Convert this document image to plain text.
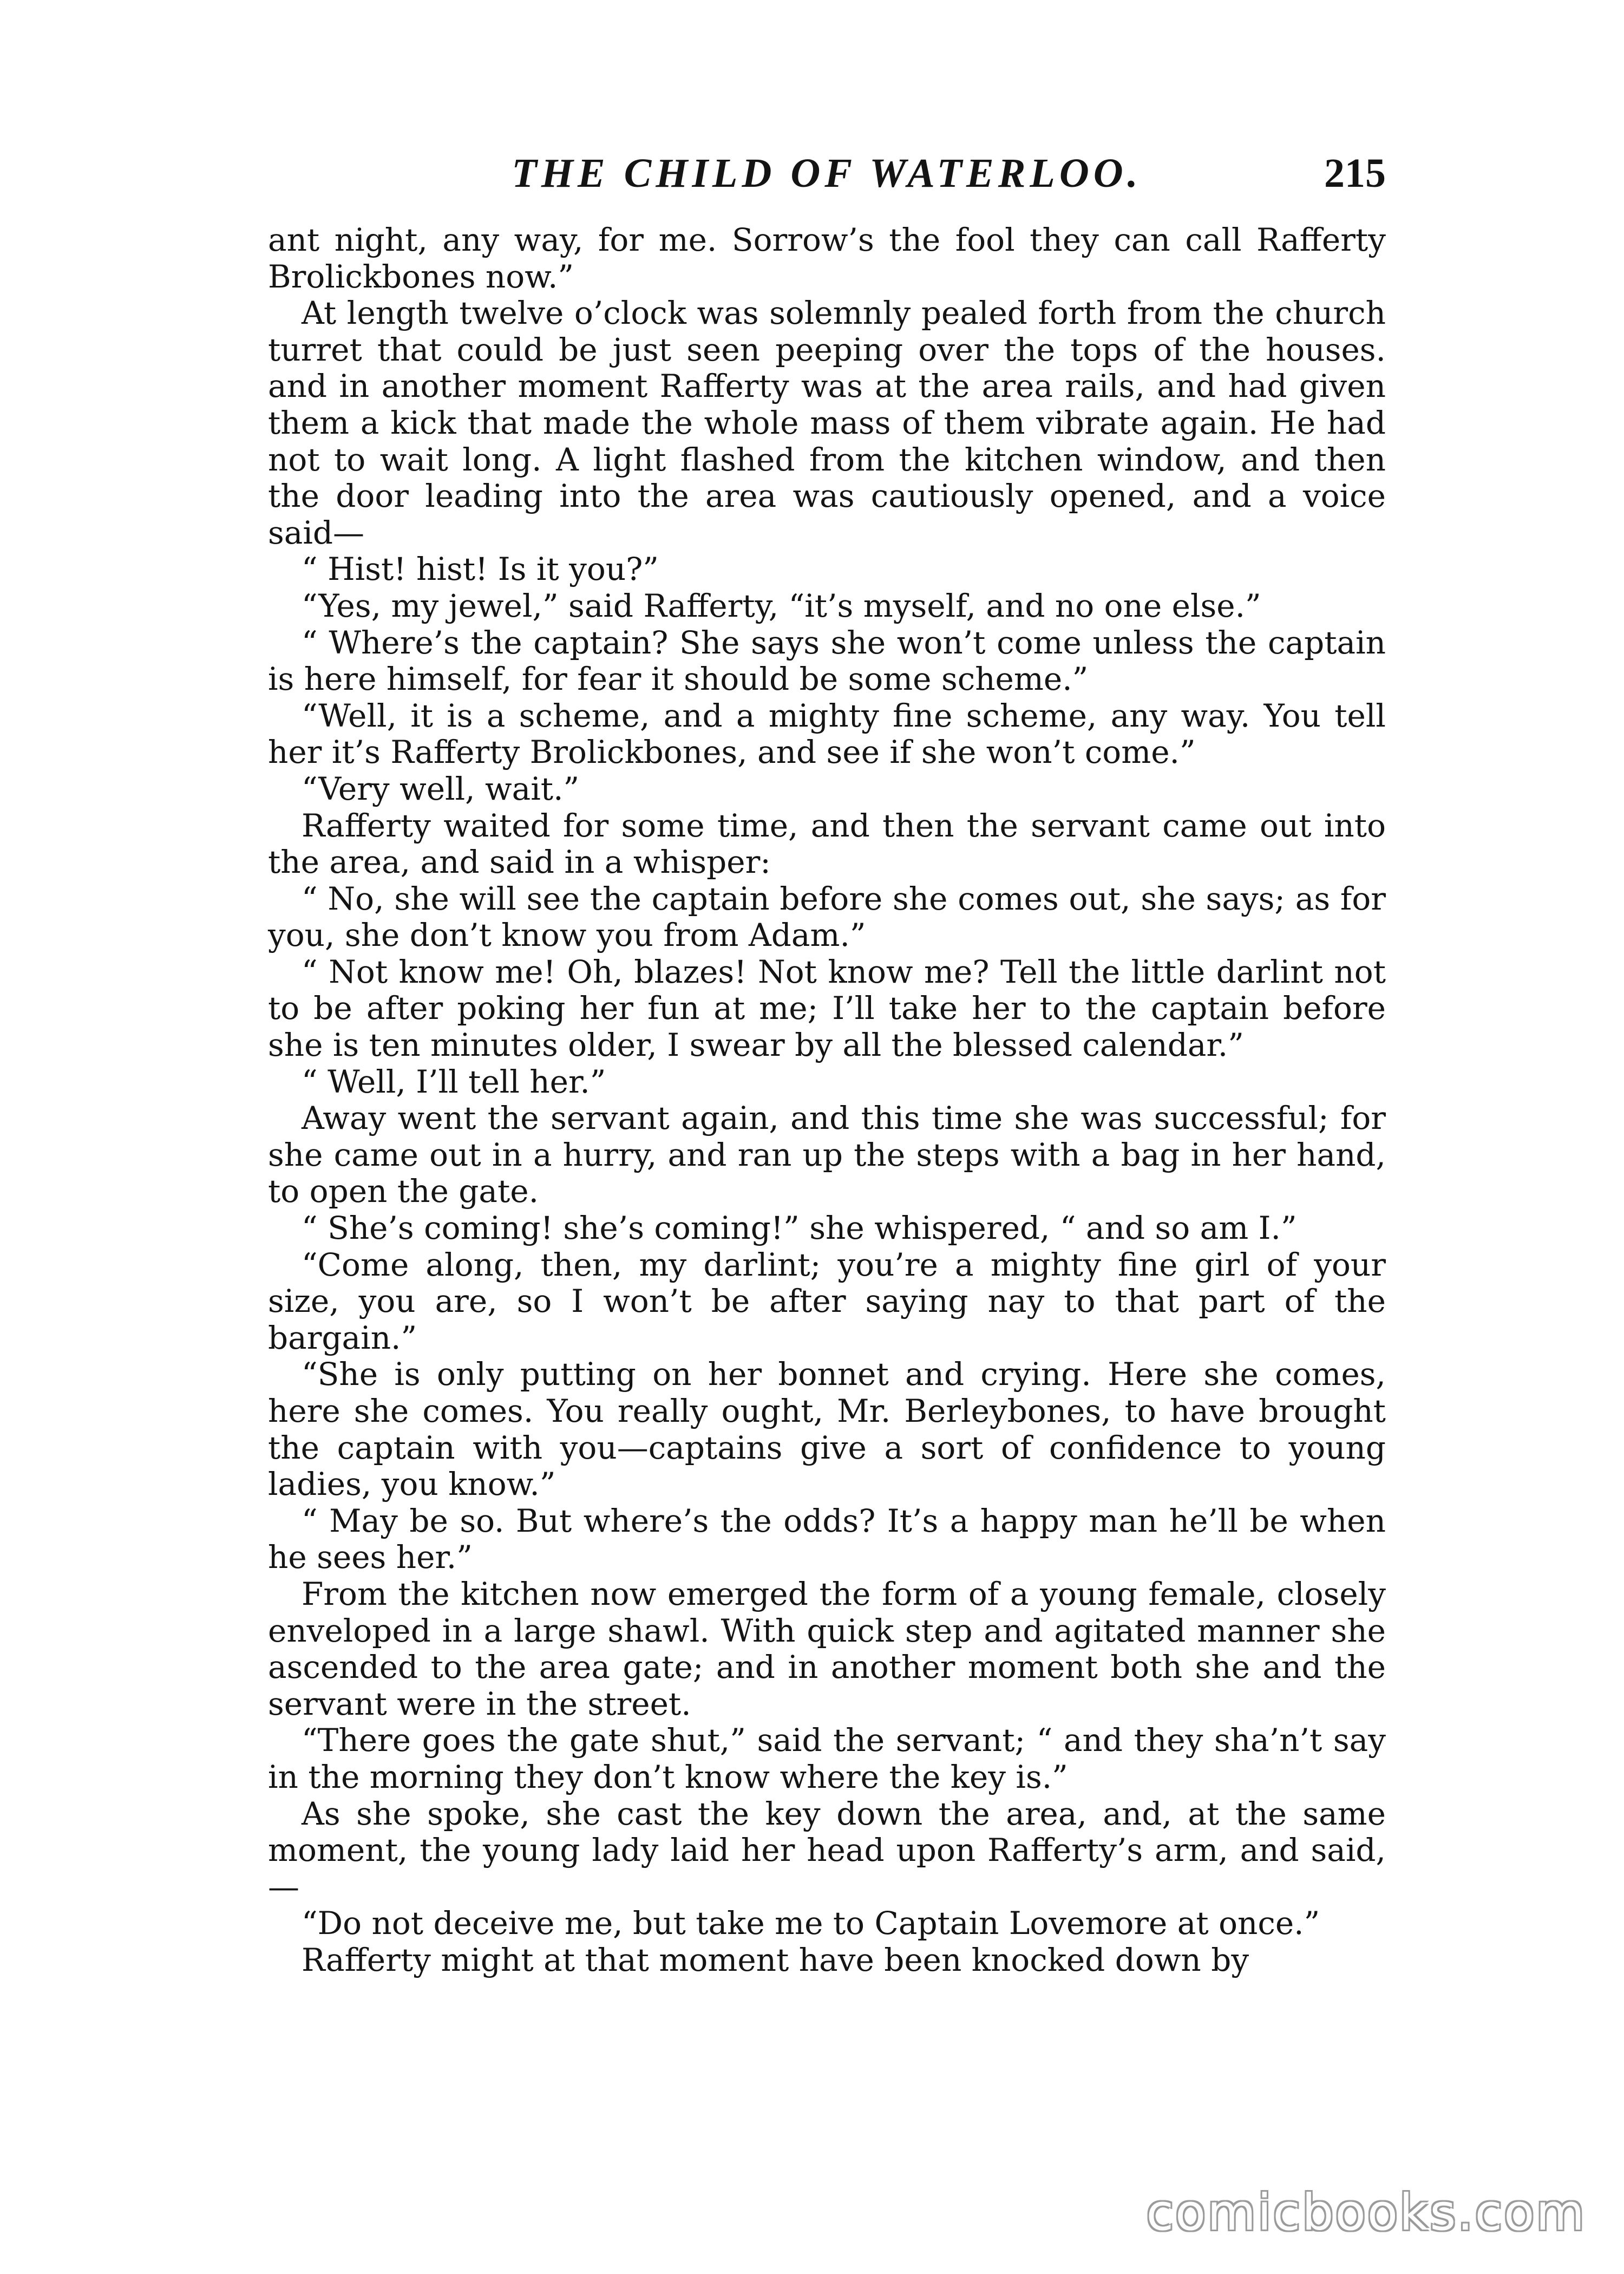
THE CHILD OF WATERLOO.	215

ant night, any way, for me. Sorrow’s the fool they can call Rafferty Brolickbones now.”

At length twelve o’clock was solemnly pealed forth from the church turret that could be just seen peeping over the tops of the houses. and in another moment Rafferty was at the area rails, and had given them a kick that made the whole mass of them vibrate again. He had not to wait long. A light flashed from the kitchen window, and then the door leading into the area was cautiously opened, and a voice said—

“ Hist! hist! Is it you?”

“Yes, my jewel,” said Rafferty, “it’s myself, and no one else.”

“ Where’s the captain? She says she won’t come unless the captain is here himself, for fear it should be some scheme.”

“Well, it is a scheme, and a mighty fine scheme, any way. You tell her it’s Rafferty Brolickbones, and see if she won’t come.”

“Very well, wait.”

Rafferty waited for some time, and then the servant came out into the area, and said in a whisper:

“ No, she will see the captain before she comes out, she says; as for you, she don’t know you from Adam.”

“ Not know me! Oh, blazes! Not know me? Tell the little darlint not to be after poking her fun at me; I’ll take her to the captain before she is ten minutes older, I swear by all the blessed calendar.”

“ Well, I’ll tell her.”

Away went the servant again, and this time she was successful; for she came out in a hurry, and ran up the steps with a bag in her hand, to open the gate.

“ She’s coming! she’s coming!” she whispered, “ and so am I.”

“Come along, then, my darlint; you’re a mighty fine girl of your size, you are, so I won’t be after saying nay to that part of the bargain.”

“She is only putting on her bonnet and crying. Here she comes, here she comes. You really ought, Mr. Berleybones, to have brought the captain with you—captains give a sort of confidence to young ladies, you know.”

“ May be so. But where’s the odds? It’s a happy man he’ll be when he sees her.”

From the kitchen now emerged the form of a young female, closely enveloped in a large shawl. With quick step and agitated manner she ascended to the area gate; and in another moment both she and the servant were in the street.

“There goes the gate shut,” said the servant; “ and they sha’n’t say in the morning they don’t know where the key is.”

As she spoke, she cast the key down the area, and, at the same moment, the young lady laid her head upon Rafferty’s arm, and said,—

“Do not deceive me, but take me to Captain Lovemore at once.”

Rafferty might at that moment have been knocked down by

comicbooks.com
